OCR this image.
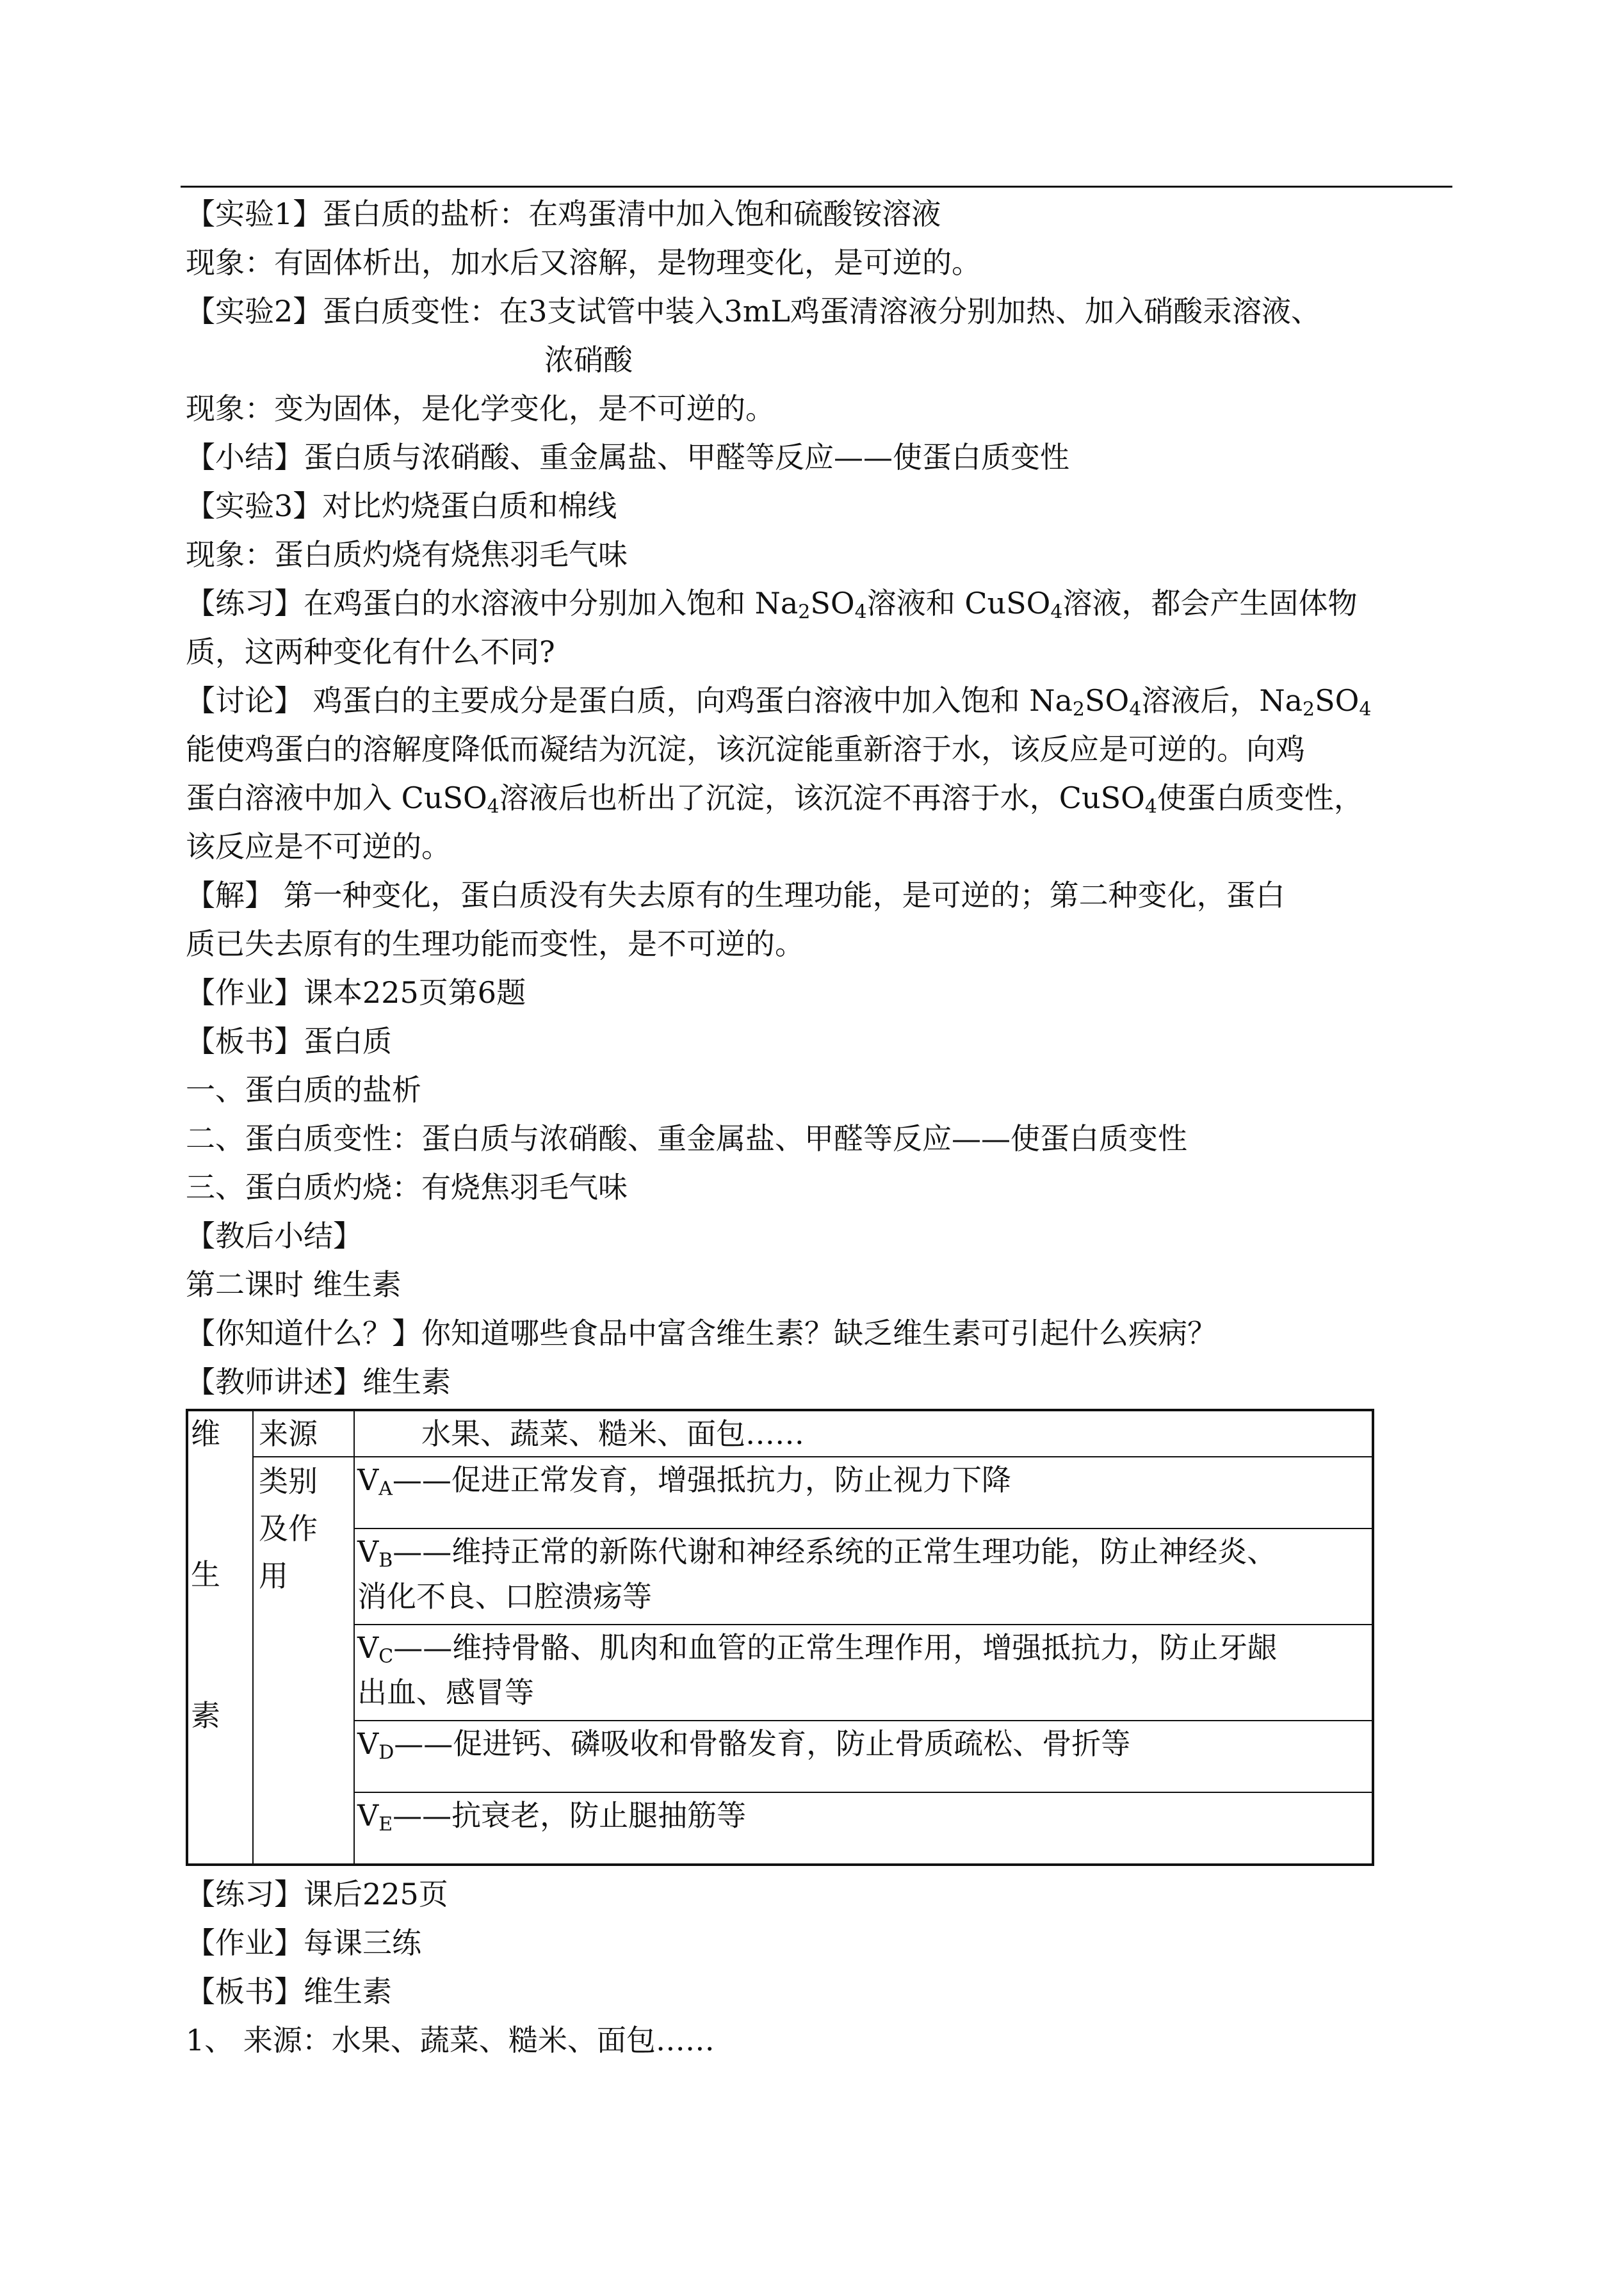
【实验1】蛋白质的盐析：在鸡蛋清中加入饱和硫酸铵溶液
现象：有固体析出，加水后又溶解，是物理变化，是可逆的。
【实验2】蛋白质变性：在3支试管中装入3mL鸡蛋清溶液分别加热、加入硝酸汞溶液、
浓硝酸
现象：变为固体，是化学变化，是不可逆的。
【小结】蛋白质与浓硝酸、重金属盐、甲醛等反应——使蛋白质变性
【实验3】对比灼烧蛋白质和棉线
现象：蛋白质灼烧有烧焦羽毛气味
【练习】在鸡蛋白的水溶液中分别加入饱和 $Na_2SO_4$溶液和 CuSO$_4$溶液，都会产生固体物
质，这两种变化有什么不同?
【讨论】 鸡蛋白的主要成分是蛋白质，向鸡蛋白溶液中加入饱和 $Na_2SO_4$溶液后，$Na_2SO_4$
能使鸡蛋白的溶解度降低而凝结为沉淀，该沉淀能重新溶于水，该反应是可逆的。向鸡
蛋白溶液中加入 CuSO$_4$溶液后也析出了沉淀，该沉淀不再溶于水，CuSO$_4$使蛋白质变性，
该反应是不可逆的。
【解】 第一种变化，蛋白质没有失去原有的生理功能，是可逆的；第二种变化，蛋白
质已失去原有的生理功能而变性，是不可逆的。
【作业】课本225页第6题
【板书】蛋白质
一、蛋白质的盐析
二、蛋白质变性：蛋白质与浓硝酸、重金属盐、甲醛等反应——使蛋白质变性
三、蛋白质灼烧：有烧焦羽毛气味
【教后小结】
第二课时 维生素
【你知道什么？】你知道哪些食品中富含维生素？缺乏维生素可引起什么疾病？
【教师讲述】维生素
维
生
素	来源	水果、蔬菜、糙米、面包……

	类别及作用	$V_A——$促进正常发育，增强抵抗力，防止视力下降

		$V_B——$维持正常的新陈代谢和神经系统的正常生理功能，防止神经炎、
消化不良、口腔溃疡等

		$V_C——$维持骨骼、肌肉和血管的正常生理作用，增强抵抗力，防止牙龈
出血、感冒等

		$V_D——$促进钙、磷吸收和骨骼发育，防止骨质疏松、骨折等
		$V_E——$抗衰老，防止腿抽筋等
【练习】课后225页
【作业】每课三练
【板书】维生素
1、 来源：水果、蔬菜、糙米、面包……
